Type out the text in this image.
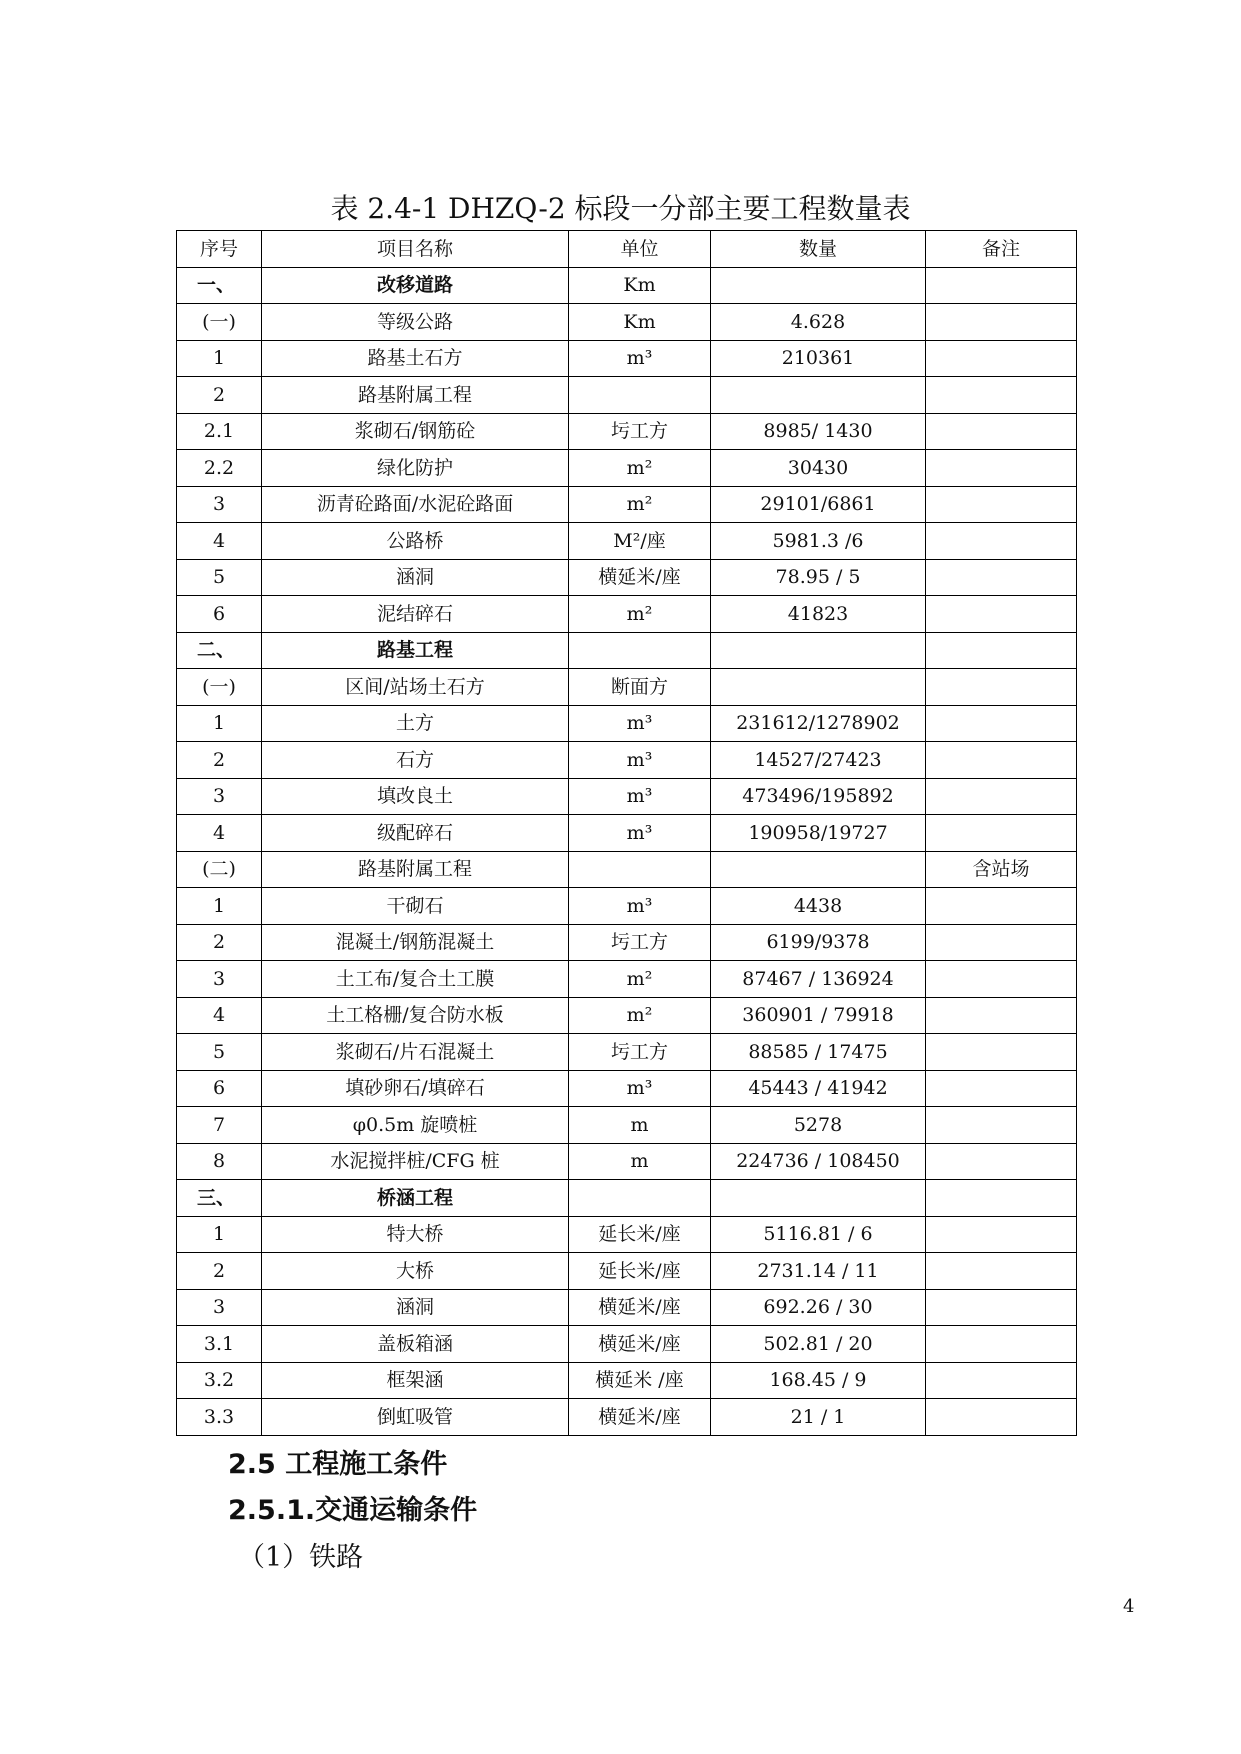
表 2.4-1 DHZQ-2 标段一分部主要工程数量表
序号	项目名称	单位	数量	备注
一、	改移道路	Km		
(一)	等级公路	Km	4.628	
1	路基土石方	m³	210361	
2	路基附属工程			
2.1	浆砌石/钢筋砼	圬工方	8985/ 1430	
2.2	绿化防护	m²	30430	
3	沥青砼路面/水泥砼路面	m²	29101/6861	
4	公路桥	M²/座	5981.3 /6	
5	涵洞	横延米/座	78.95 / 5	
6	泥结碎石	m²	41823	
二、	路基工程			
(一)	区间/站场土石方	断面方		
1	土方	m³	231612/1278902	
2	石方	m³	14527/27423	
3	填改良土	m³	473496/195892	
4	级配碎石	m³	190958/19727	
(二)	路基附属工程			含站场
1	干砌石	m³	4438	
2	混凝土/钢筋混凝土	圬工方	6199/9378	
3	土工布/复合土工膜	m²	87467 / 136924	
4	土工格栅/复合防水板	m²	360901 / 79918	
5	浆砌石/片石混凝土	圬工方	88585 / 17475	
6	填砂卵石/填碎石	m³	45443 / 41942	
7	φ0.5m 旋喷桩	m	5278	
8	水泥搅拌桩/CFG 桩	m	224736 / 108450	
三、	桥涵工程			
1	特大桥	延长米/座	5116.81 / 6	
2	大桥	延长米/座	2731.14 / 11	
3	涵洞	横延米/座	692.26 / 30	
3.1	盖板箱涵	横延米/座	502.81 / 20	
3.2	框架涵	横延米 /座	168.45 / 9	
3.3	倒虹吸管	横延米/座	21 / 1	
2.5 工程施工条件
2.5.1.交通运输条件
（1）铁路
4
